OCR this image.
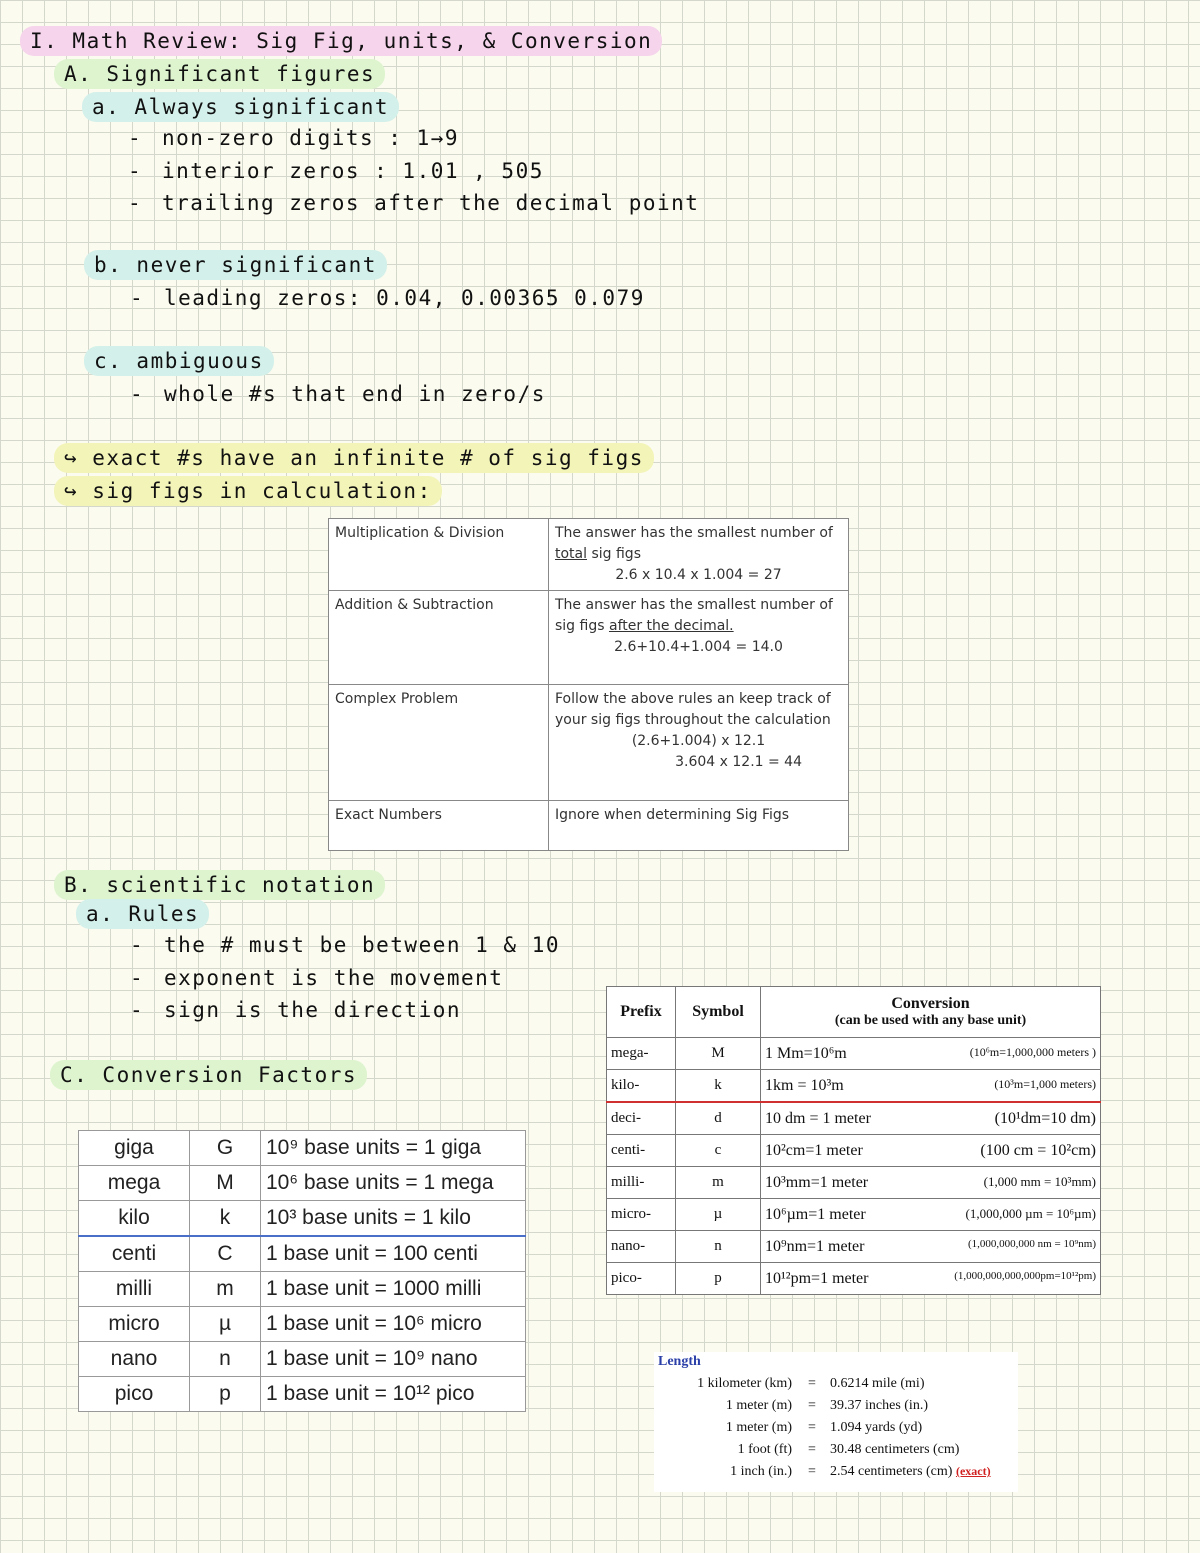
I. Math Review: Sig Fig, units, & Conversion
A. Significant figures
a. Always significant
- non-zero digits : 1→9
- interior zeros : 1.01 , 505
- trailing zeros after the decimal point
b. never significant
- leading zeros: 0.04, 0.00365 0.079
c. ambiguous
- whole #s that end in zero/s
↪ exact #s have an infinite # of sig figs
↪ sig figs in calculation:
Multiplication & Division	The answer has the smallest number of total sig figs
2.6 x 10.4 x 1.004 = 27

Addition & Subtraction	The answer has the smallest number of sig figs after the decimal.
2.6+10.4+1.004 = 14.0

Complex Problem	Follow the above rules an keep track of your sig figs throughout the calculation
(2.6+1.004) x 12.1
3.604 x 12.1 = 44

Exact Numbers	Ignore when determining Sig Figs
B. scientific notation
a. Rules
- the # must be between 1 & 10
- exponent is the movement
- sign is the direction
C. Conversion Factors
giga	G	10⁹ base units = 1 giga
mega	M	10⁶ base units = 1 mega
kilo	k	10³ base units = 1 kilo
centi	C	1 base unit = 100 centi
milli	m	1 base unit = 1000 milli
micro	µ	1 base unit = 10⁶ micro
nano	n	1 base unit = 10⁹ nano
pico	p	1 base unit = 10¹² pico
Prefix	Symbol	Conversion
(can be used with any base unit)

mega-	M	1 Mm=10⁶m (10⁶m=1,000,000 meters )

kilo-	k	1km = 10³m (10³m=1,000 meters)

deci-	d	10 dm = 1 meter (10¹dm=10 dm)

centi-	c	10²cm=1 meter (100 cm = 10²cm)

milli-	m	10³mm=1 meter (1,000 mm = 10³mm)

micro-	µ	10⁶µm=1 meter (1,000,000 µm = 10⁶µm)

nano-	n	10⁹nm=1 meter (1,000,000,000 nm = 10⁹nm)

pico-	p	10¹²pm=1 meter (1,000,000,000,000pm=10¹²pm)
Length
1 kilometer (km) = 0.6214 mile (mi)
1 meter (m) = 39.37 inches (in.)
1 meter (m) = 1.094 yards (yd)
1 foot (ft) = 30.48 centimeters (cm)
1 inch (in.) = 2.54 centimeters (cm) (exact)
